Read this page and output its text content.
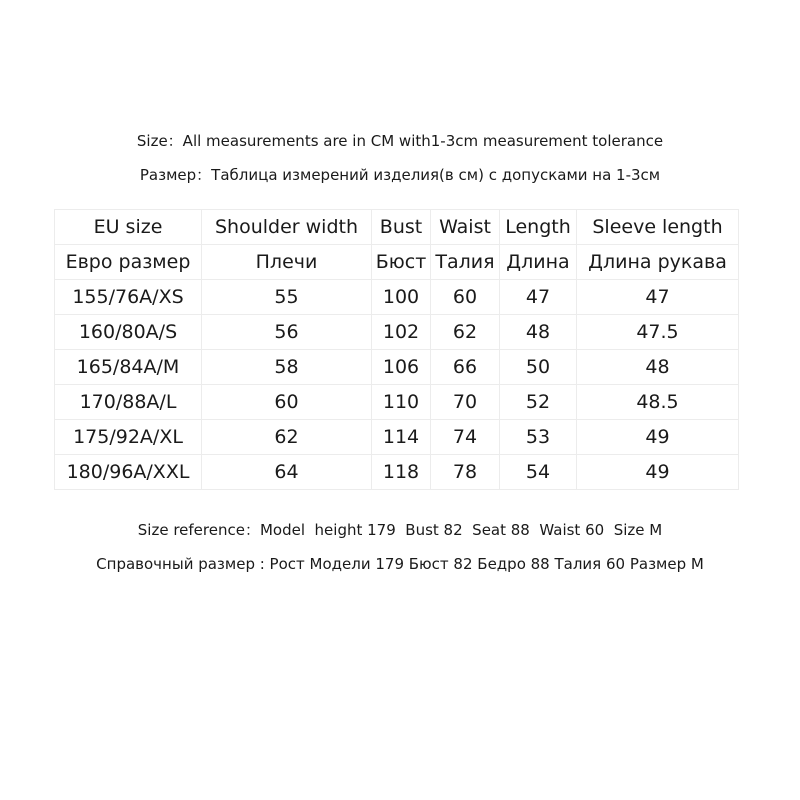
Size：All measurements are in CM with1-3cm measurement tolerance
Размер：Таблица измерений изделия(в см) с допусками на 1-3см
EU size	Shoulder width	Bust	Waist	Length	Sleeve length
Евро размер	Плечи	Бюст	Талия	Длина	Длина рукава
155/76A/XS	55	100	60	47	47
160/80A/S	56	102	62	48	47.5
165/84A/M	58	106	66	50	48
170/88A/L	60	110	70	52	48.5
175/92A/XL	62	114	74	53	49
180/96A/XXL	64	118	78	54	49
Size reference：Model  height 179  Bust 82  Seat 88  Waist 60  Size M
Справочный размер : Рост Модели 179 Бюст 82 Бедро 88 Талия 60 Размер M
